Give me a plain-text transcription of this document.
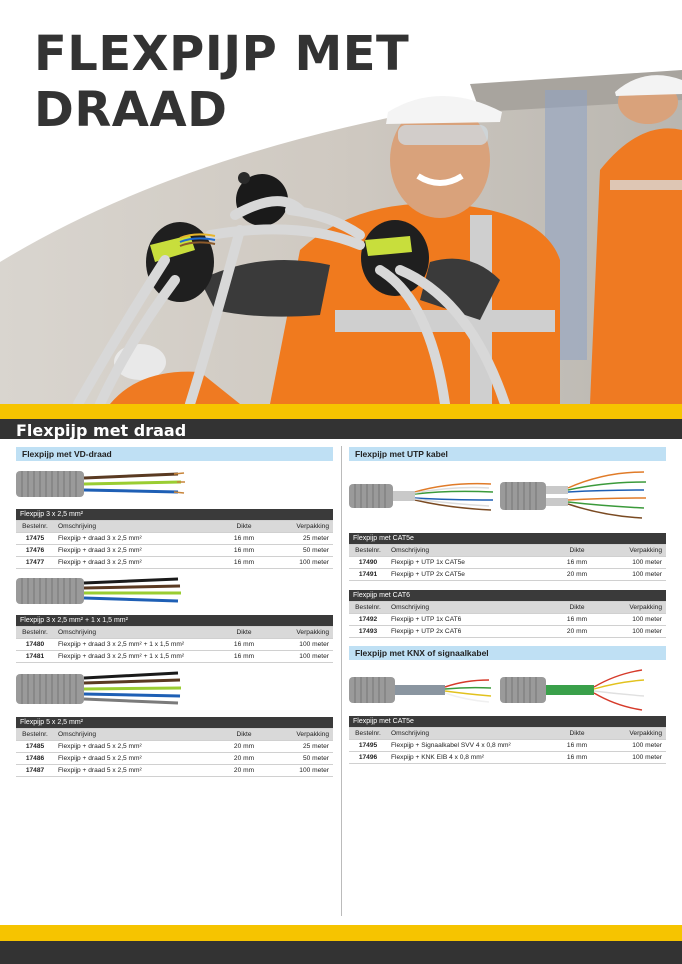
FLEXPIJP MET
DRAAD
Flexpijp met draad
Flexpijp met VD-draad
Flexpijp 3 x 2,5 mm²			
Bestelnr.	Omschrijving	Dikte	Verpakking
17475	Flexpijp + draad 3 x 2,5 mm²	16 mm	25 meter
17476	Flexpijp + draad 3 x 2,5 mm²	16 mm	50 meter
17477	Flexpijp + draad 3 x 2,5 mm²	16 mm	100 meter
Flexpijp 3 x 2,5 mm² + 1 x 1,5 mm²			
Bestelnr.	Omschrijving	Dikte	Verpakking
17480	Flexpijp + draad 3 x 2,5 mm² + 1 x 1,5 mm²	16 mm	100 meter
17481	Flexpijp + draad 3 x 2,5 mm² + 1 x 1,5 mm²	16 mm	100 meter
Flexpijp 5 x 2,5 mm²			
Bestelnr.	Omschrijving	Dikte	Verpakking
17485	Flexpijp + draad 5 x 2,5 mm²	20 mm	25 meter
17486	Flexpijp + draad 5 x 2,5 mm²	20 mm	50 meter
17487	Flexpijp + draad 5 x 2,5 mm²	20 mm	100 meter
Flexpijp met UTP kabel
Flexpijp met CAT5e			
Bestelnr.	Omschrijving	Dikte	Verpakking
17490	Flexpijp + UTP 1x CAT5e	16 mm	100 meter
17491	Flexpijp + UTP 2x CAT5e	20 mm	100 meter
Flexpijp met CAT6			
Bestelnr.	Omschrijving	Dikte	Verpakking
17492	Flexpijp + UTP 1x CAT6	16 mm	100 meter
17493	Flexpijp + UTP 2x CAT6	20 mm	100 meter
Flexpijp met KNX of signaalkabel
Flexpijp met CAT5e			
Bestelnr.	Omschrijving	Dikte	Verpakking
17495	Flexpijp + Signaalkabel SVV 4 x 0,8 mm²	16 mm	100 meter
17496	Flexpijp + KNK EIB 4 x 0,8 mm²	16 mm	100 meter
